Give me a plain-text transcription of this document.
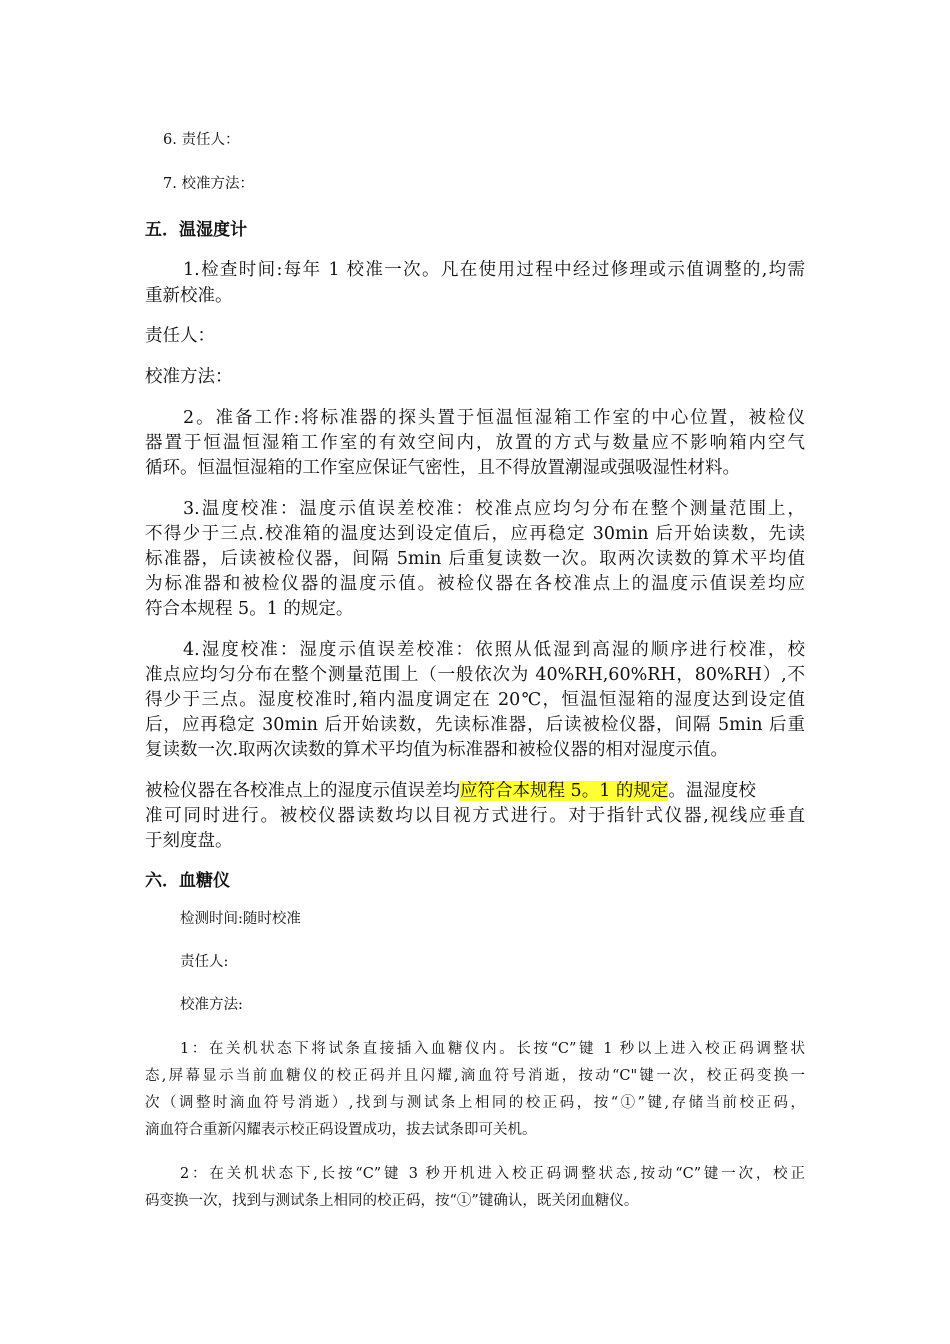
6. 责任人：
7. 校准方法：
五．温湿度计
1.检查时间:每年 1 校准一次。凡在使用过程中经过修理或示值调整的,均需
重新校准。
责任人：
校准方法：
2。准备工作:将标准器的探头置于恒温恒湿箱工作室的中心位置，被检仪
器置于恒温恒湿箱工作室的有效空间内，放置的方式与数量应不影响箱内空气
循环。恒温恒湿箱的工作室应保证气密性，且不得放置潮湿或强吸湿性材料。
3.温度校准：温度示值误差校准：校准点应均匀分布在整个测量范围上，
不得少于三点.校准箱的温度达到设定值后，应再稳定 30min 后开始读数，先读
标准器，后读被检仪器，间隔 5min 后重复读数一次。取两次读数的算术平均值
为标准器和被检仪器的温度示值。被检仪器在各校准点上的温度示值误差均应
符合本规程 5。1 的规定。
4.湿度校准：湿度示值误差校准：依照从低湿到高湿的顺序进行校准，校
准点应均匀分布在整个测量范围上（一般依次为 40%RH,60%RH，80%RH）,不
得少于三点。湿度校准时,箱内温度调定在 20℃，恒温恒湿箱的湿度达到设定值
后，应再稳定 30min 后开始读数，先读标准器，后读被检仪器，间隔 5min 后重
复读数一次.取两次读数的算术平均值为标准器和被检仪器的相对湿度示值。
被检仪器在各校准点上的湿度示值误差均应符合本规程 5。1 的规定。温湿度校
准可同时进行。被校仪器读数均以目视方式进行。对于指针式仪器,视线应垂直
于刻度盘。
六．血糖仪
检测时间:随时校准
责任人:
校准方法:
1：在关机状态下将试条直接插入血糖仪内。长按“C”键 1 秒以上进入校正码调整状
态,屏幕显示当前血糖仪的校正码并且闪耀,滴血符号消逝，按动“C"键一次，校正码变换一
次（调整时滴血符号消逝）,找到与测试条上相同的校正码，按“①”键,存储当前校正码，
滴血符合重新闪耀表示校正码设置成功，拔去试条即可关机。
2：在关机状态下,长按“C”键 3 秒开机进入校正码调整状态,按动“C”键一次，校正
码变换一次，找到与测试条上相同的校正码，按“①”键确认，既关闭血糖仪。
